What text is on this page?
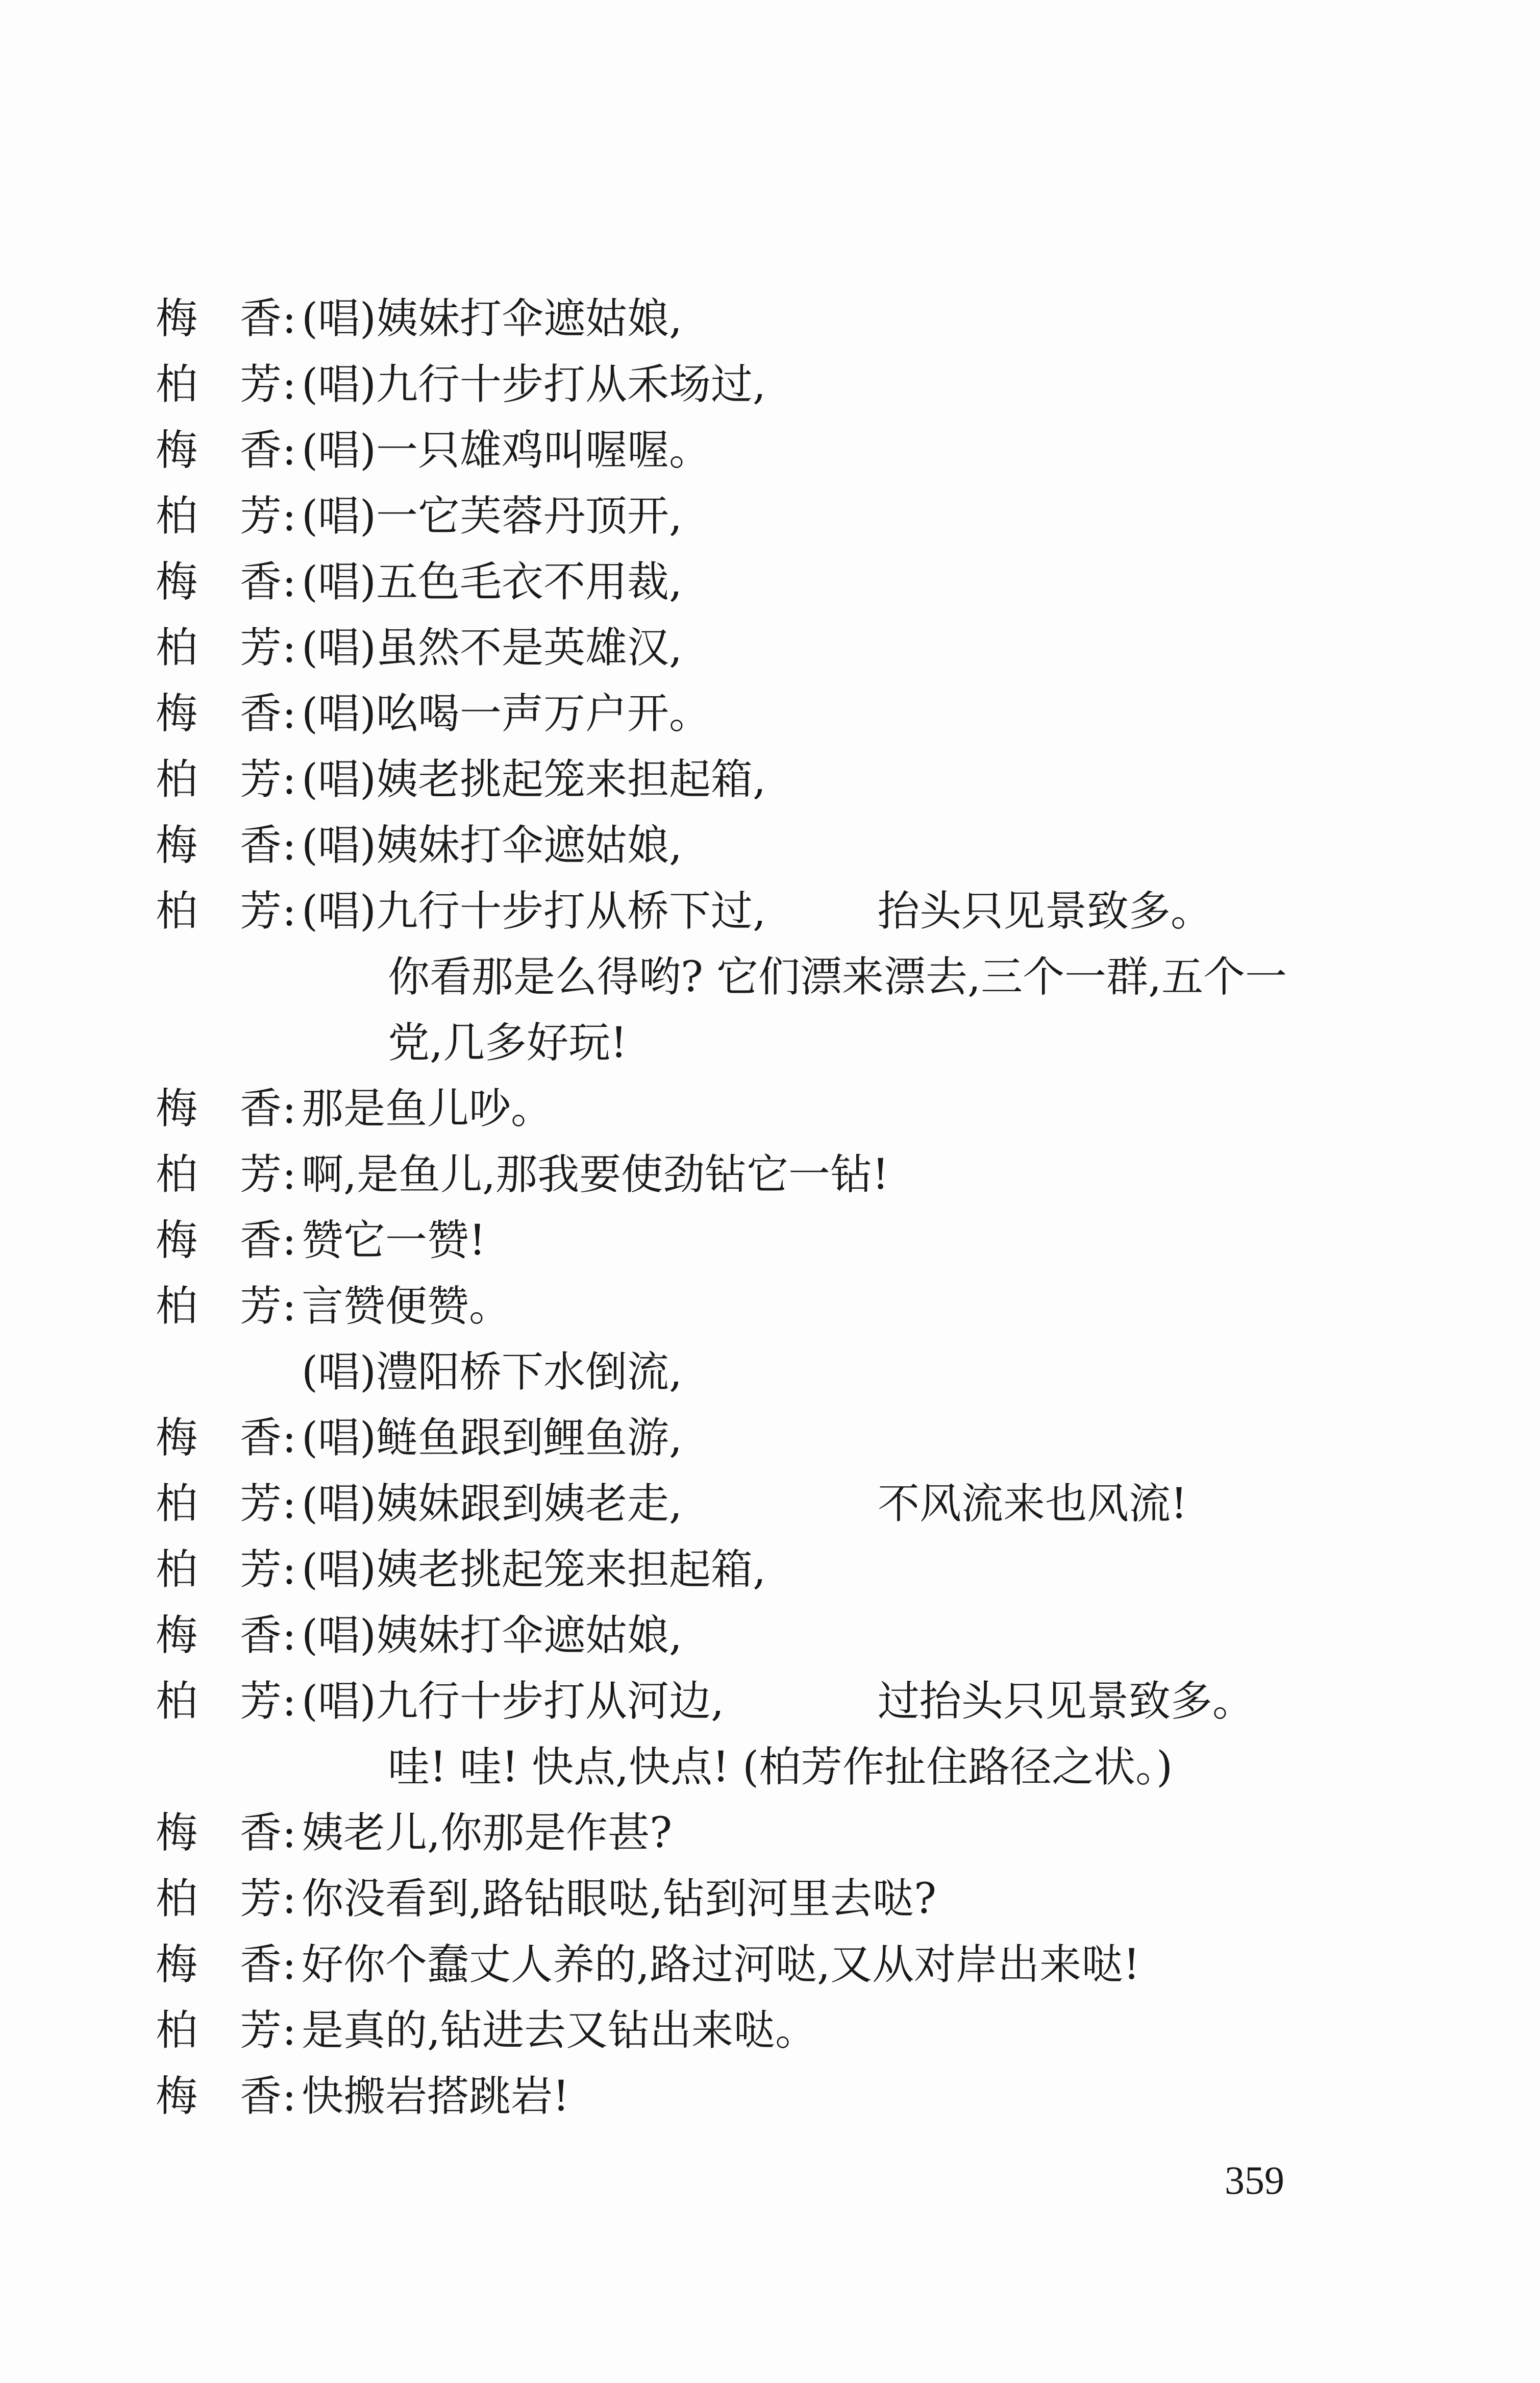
梅 香 : (唱)姨妹打伞遮姑娘,
柏 芳 : (唱)九行十步打从禾场过,
梅 香 : (唱)一只雄鸡叫喔喔。
柏 芳 : (唱)一它芙蓉丹顶开,
梅 香 : (唱)五色毛衣不用裁,
柏 芳 : (唱)虽然不是英雄汉,
梅 香 : (唱)吆喝一声万户开。
柏 芳 : (唱)姨老挑起笼来担起箱,
梅 香 : (唱)姨妹打伞遮姑娘,
柏 芳 : (唱)九行十步打从桥下过,	抬头只见景致多。
你看那是么得哟? 它们漂来漂去,三个一群,五个一
党,几多好玩!
梅 香 : 那是鱼儿吵。
柏 芳 : 啊,是鱼儿,那我要使劲钻它一钻!
梅 香 : 赞它一赞!
柏 芳 : 言赞便赞。
(唱)澧阳桥下水倒流,
梅 香 : (唱)鲢鱼跟到鲤鱼游,
柏 芳 : (唱)姨妹跟到姨老走,	不风流来也风流!
柏 芳 : (唱)姨老挑起笼来担起箱,
梅 香 : (唱)姨妹打伞遮姑娘,
柏 芳 : (唱)九行十步打从河边,	过抬头只见景致多。
哇! 哇! 快点,快点! (柏芳作扯住路径之状。)
梅 香 : 姨老儿,你那是作甚?
柏 芳 : 你没看到,路钻眼哒,钻到河里去哒?
梅 香 : 好你个蠢丈人养的,路过河哒,又从对岸出来哒!
柏 芳 : 是真的,钻进去又钻出来哒。
梅 香 : 快搬岩搭跳岩!
359
